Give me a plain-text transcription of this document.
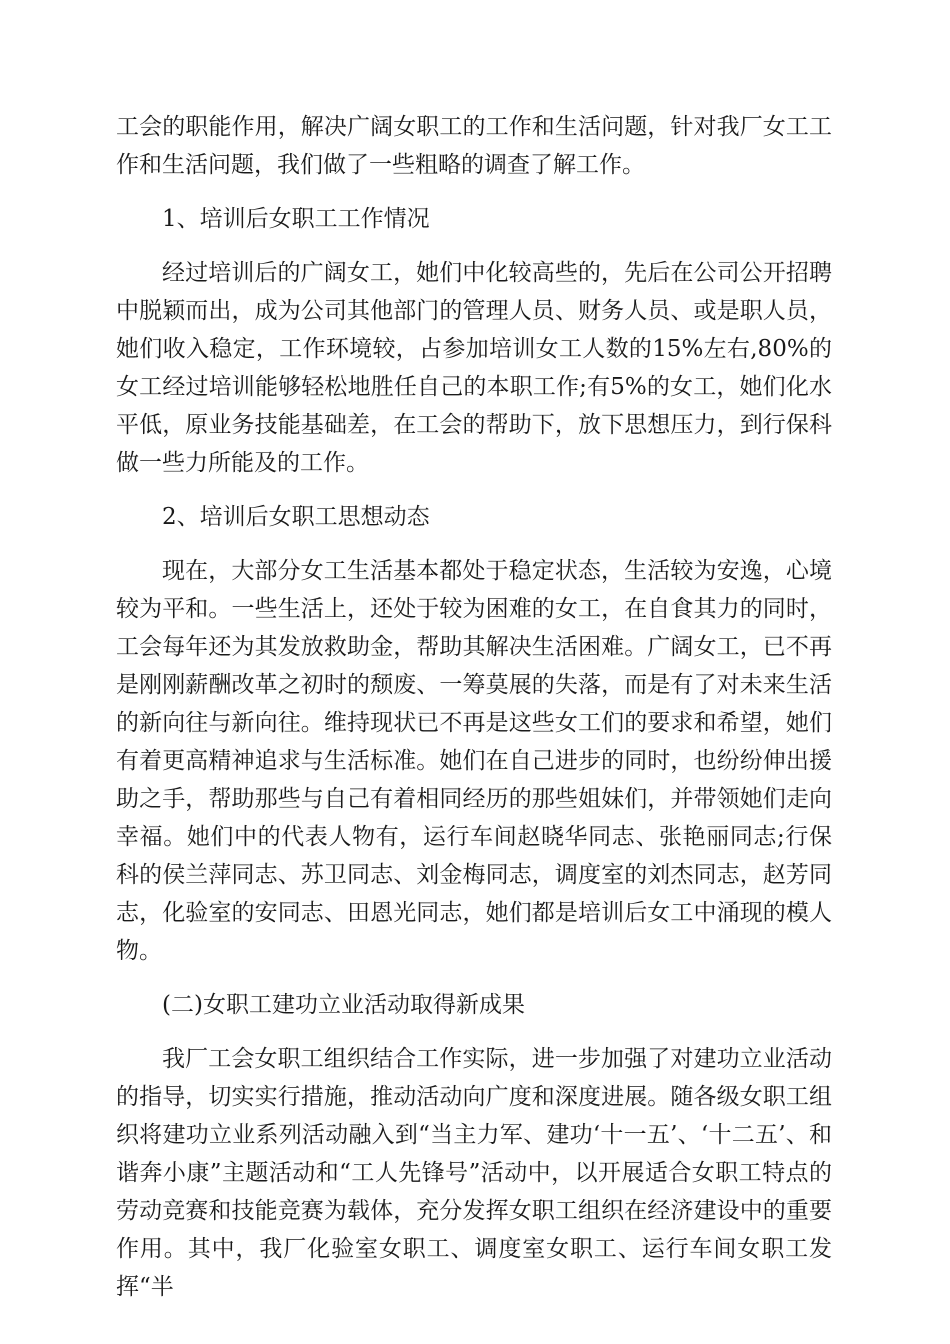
工会的职能作用，解决广阔女职工的工作和生活问题，针对我厂女工工作和生活问题，我们做了一些粗略的调查了解工作。

1、培训后女职工工作情况

经过培训后的广阔女工，她们中化较高些的，先后在公司公开招聘中脱颖而出，成为公司其他部门的管理人员、财务人员、或是职人员，她们收入稳定，工作环境较，占参加培训女工人数的15%左右,80%的女工经过培训能够轻松地胜任自己的本职工作;有5%的女工，她们化水平低，原业务技能基础差，在工会的帮助下，放下思想压力，到行保科做一些力所能及的工作。

2、培训后女职工思想动态

现在，大部分女工生活基本都处于稳定状态，生活较为安逸，心境较为平和。一些生活上，还处于较为困难的女工，在自食其力的同时，工会每年还为其发放救助金，帮助其解决生活困难。广阔女工，已不再是刚刚薪酬改革之初时的颓废、一筹莫展的失落，而是有了对未来生活的新向往与新向往。维持现状已不再是这些女工们的要求和希望，她们有着更高精神追求与生活标准。她们在自己进步的同时，也纷纷伸出援助之手，帮助那些与自己有着相同经历的那些姐妹们，并带领她们走向幸福。她们中的代表人物有，运行车间赵晓华同志、张艳丽同志;行保科的侯兰萍同志、苏卫同志、刘金梅同志，调度室的刘杰同志，赵芳同志，化验室的安同志、田恩光同志，她们都是培训后女工中涌现的模人物。

(二)女职工建功立业活动取得新成果

我厂工会女职工组织结合工作实际，进一步加强了对建功立业活动的指导，切实实行措施，推动活动向广度和深度进展。随各级女职工组织将建功立业系列活动融入到“当主力军、建功‘十一五’、‘十二五’、和谐奔小康”主题活动和“工人先锋号”活动中，以开展适合女职工特点的劳动竞赛和技能竞赛为载体，充分发挥女职工组织在经济建设中的重要作用。其中，我厂化验室女职工、调度室女职工、运行车间女职工发挥“半
